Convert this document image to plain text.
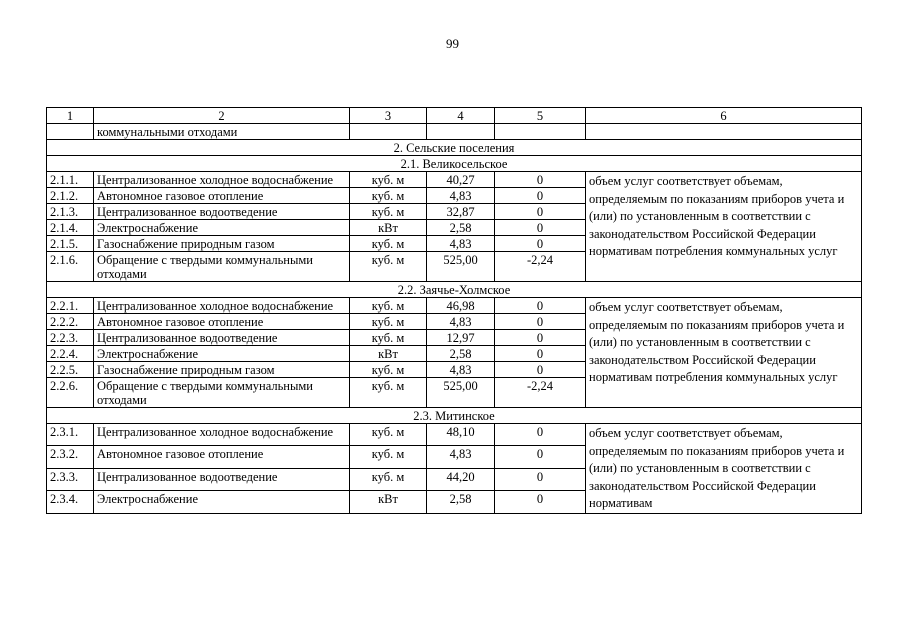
99
1	2	3	4	5	6
	коммунальными отходами				
2. Сельские поселения					
2.1. Великосельское					
2.1.1.	Централизованное холодное водоснабжение	куб. м	40,27	0	объем услуг соответствует объемам, определяемым по показаниям приборов учета и (или) по установленным в соответствии с законодательством Российской Федерации нормативам потребления коммунальных услуг
2.1.2.	Автономное газовое отопление	куб. м	4,83	0	
2.1.3.	Централизованное водоотведение	куб. м	32,87	0	
2.1.4.	Электроснабжение	кВт	2,58	0	
2.1.5.	Газоснабжение природным газом	куб. м	4,83	0	
2.1.6.	Обращение с твердыми коммунальными отходами	куб. м	525,00	-2,24	
2.2. Заячье-Холмское					
2.2.1.	Централизованное холодное водоснабжение	куб. м	46,98	0	объем услуг соответствует объемам, определяемым по показаниям приборов учета и (или) по установленным в соответствии с законодательством Российской Федерации нормативам потребления коммунальных услуг
2.2.2.	Автономное газовое отопление	куб. м	4,83	0	
2.2.3.	Централизованное водоотведение	куб. м	12,97	0	
2.2.4.	Электроснабжение	кВт	2,58	0	
2.2.5.	Газоснабжение природным газом	куб. м	4,83	0	
2.2.6.	Обращение с твердыми коммунальными отходами	куб. м	525,00	-2,24	
2.3. Митинское					
2.3.1.	Централизованное холодное водоснабжение	куб. м	48,10	0	объем услуг соответствует объемам, определяемым по показаниям приборов учета и (или) по установленным в соответствии с законодательством Российской Федерации нормативам
2.3.2.	Автономное газовое отопление	куб. м	4,83	0	
2.3.3.	Централизованное водоотведение	куб. м	44,20	0	
2.3.4.	Электроснабжение	кВт	2,58	0	
